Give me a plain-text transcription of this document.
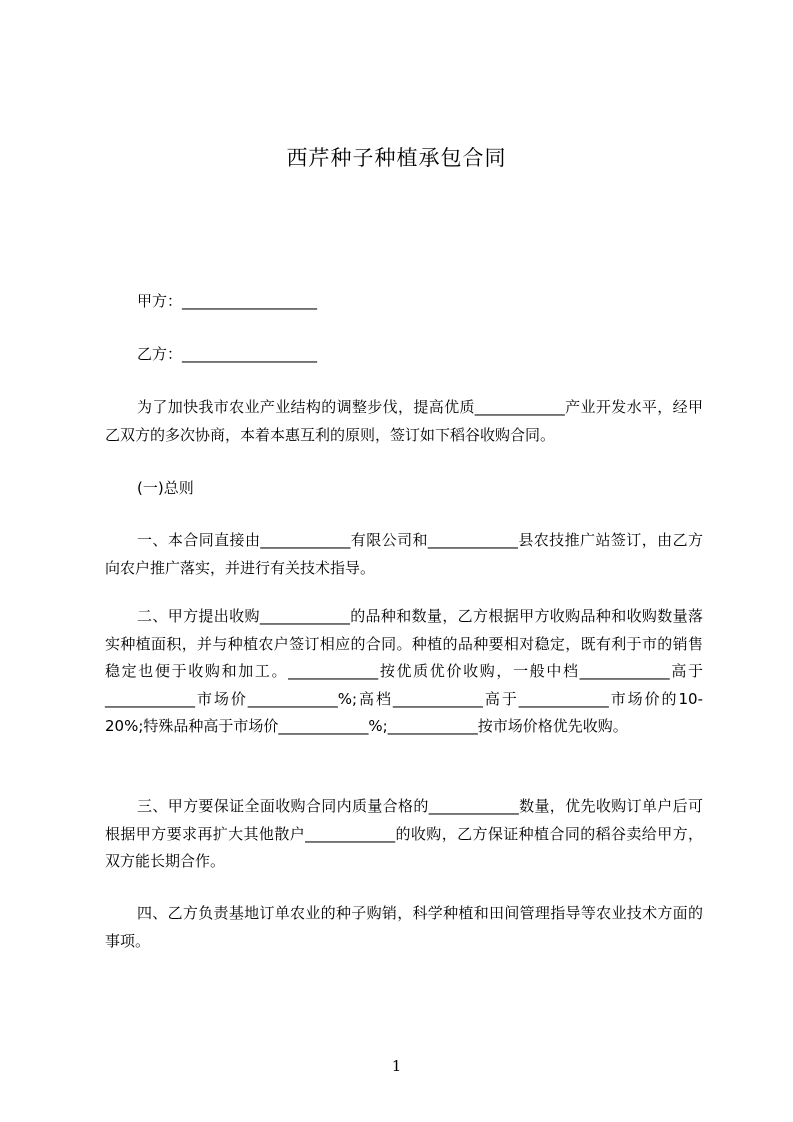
西芹种子种植承包合同
甲方：__________________
乙方：__________________

为了加快我市农业产业结构的调整步伐，提高优质____________产业开发水平，经甲乙双方的多次协商，本着本惠互利的原则，签订如下稻谷收购合同。

(一)总则

一、本合同直接由____________有限公司和____________县农技推广站签订，由乙方向农户推广落实，并进行有关技术指导。

二、甲方提出收购____________的品种和数量，乙方根据甲方收购品种和收购数量落实种植面积，并与种植农户签订相应的合同。种植的品种要相对稳定，既有利于市的销售稳定也便于收购和加工。____________按优质优价收购，一般中档____________高于____________市场价____________%;高档____________高于____________市场价的10-20%;特殊品种高于市场价____________%;____________按市场价格优先收购。

三、甲方要保证全面收购合同内质量合格的____________数量，优先收购订单户后可根据甲方要求再扩大其他散户____________的收购，乙方保证种植合同的稻谷卖给甲方，双方能长期合作。

四、乙方负责基地订单农业的种子购销，科学种植和田间管理指导等农业技术方面的事项。

1
